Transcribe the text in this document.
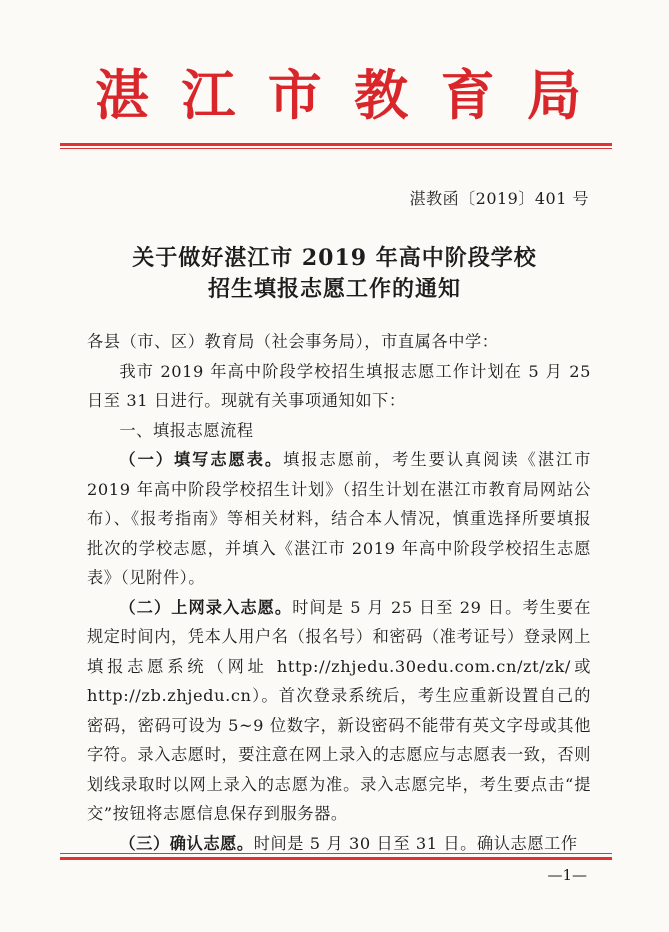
湛 江 市 教 育 局
湛教函〔2019〕401 号
关于做好湛江市 2019 年高中阶段学校
招生填报志愿工作的通知

各县（市、区）教育局（社会事务局），市直属各中学：

我市 2019 年高中阶段学校招生填报志愿工作计划在 5 月 25 日至 31 日进行。现就有关事项通知如下：

一、填报志愿流程

（一）填写志愿表。填报志愿前，考生要认真阅读《湛江市 2019 年高中阶段学校招生计划》（招生计划在湛江市教育局网站公布）、《报考指南》等相关材料，结合本人情况，慎重选择所要填报批次的学校志愿，并填入《湛江市 2019 年高中阶段学校招生志愿表》（见附件）。

（二）上网录入志愿。时间是 5 月 25 日至 29 日。考生要在规定时间内，凭本人用户名（报名号）和密码（准考证号）登录网上填报志愿系统（网址 http://zhjedu.30edu.com.cn/zt/zk/或 http://zb.zhjedu.cn）。首次登录系统后，考生应重新设置自己的密码，密码可设为 5~9 位数字，新设密码不能带有英文字母或其他字符。录入志愿时，要注意在网上录入的志愿应与志愿表一致，否则划线录取时以网上录入的志愿为准。录入志愿完毕，考生要点击“提交”按钮将志愿信息保存到服务器。

（三）确认志愿。时间是 5 月 30 日至 31 日。确认志愿工作

—1—
